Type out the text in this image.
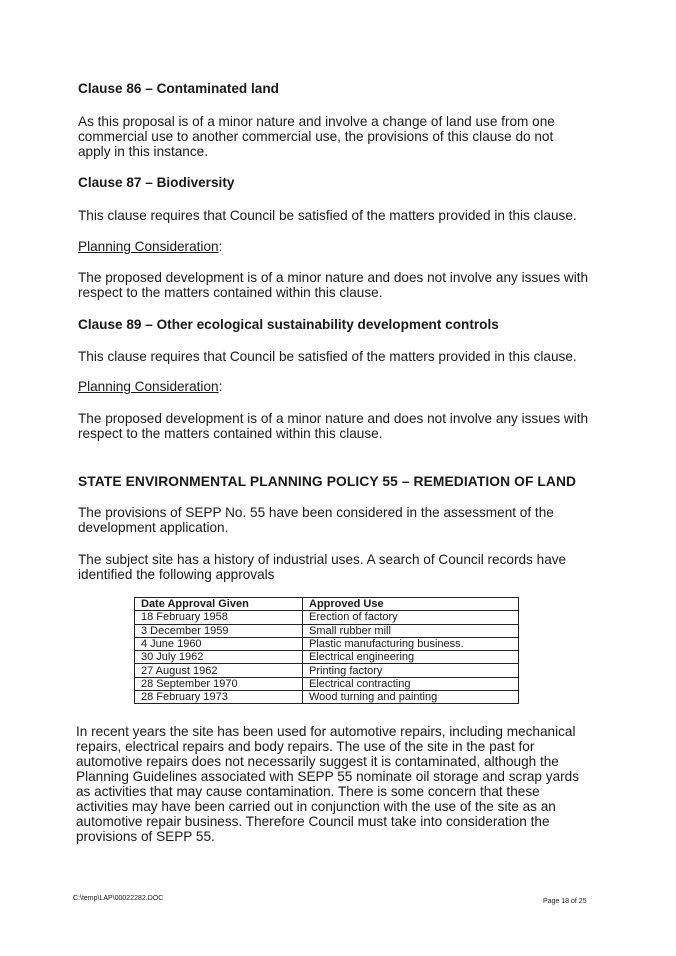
Clause 86 – Contaminated land
As this proposal is of a minor nature and involve a change of land use from one commercial use to another commercial use, the provisions of this clause do not apply in this instance.
Clause 87 – Biodiversity
This clause requires that Council be satisfied of the matters provided in this clause.
Planning Consideration:
The proposed development is of a minor nature and does not involve any issues with respect to the matters contained within this clause.
Clause 89 – Other ecological sustainability development controls
This clause requires that Council be satisfied of the matters provided in this clause.
Planning Consideration:
The proposed development is of a minor nature and does not involve any issues with respect to the matters contained within this clause.
STATE ENVIRONMENTAL PLANNING POLICY 55 – REMEDIATION OF LAND
The provisions of SEPP No. 55 have been considered in the assessment of the development application.
The subject site has a history of industrial uses. A search of Council records have identified the following approvals
Date Approval Given	Approved Use
18 February 1958	Erection of factory
3 December 1959	Small rubber mill
4 June 1960	Plastic manufacturing business.
30 July 1962	Electrical engineering
27 August 1962	Printing factory
28 September 1970	Electrical contracting
28 February 1973	Wood turning and painting
In recent years the site has been used for automotive repairs, including mechanical repairs, electrical repairs and body repairs. The use of the site in the past for automotive repairs does not necessarily suggest it is contaminated, although the Planning Guidelines associated with SEPP 55 nominate oil storage and scrap yards as activities that may cause contamination. There is some concern that these activities may have been carried out in conjunction with the use of the site as an automotive repair business. Therefore Council must take into consideration the provisions of SEPP 55.
C:\temp\LAP\00022282.DOC	Page 18 of 25
